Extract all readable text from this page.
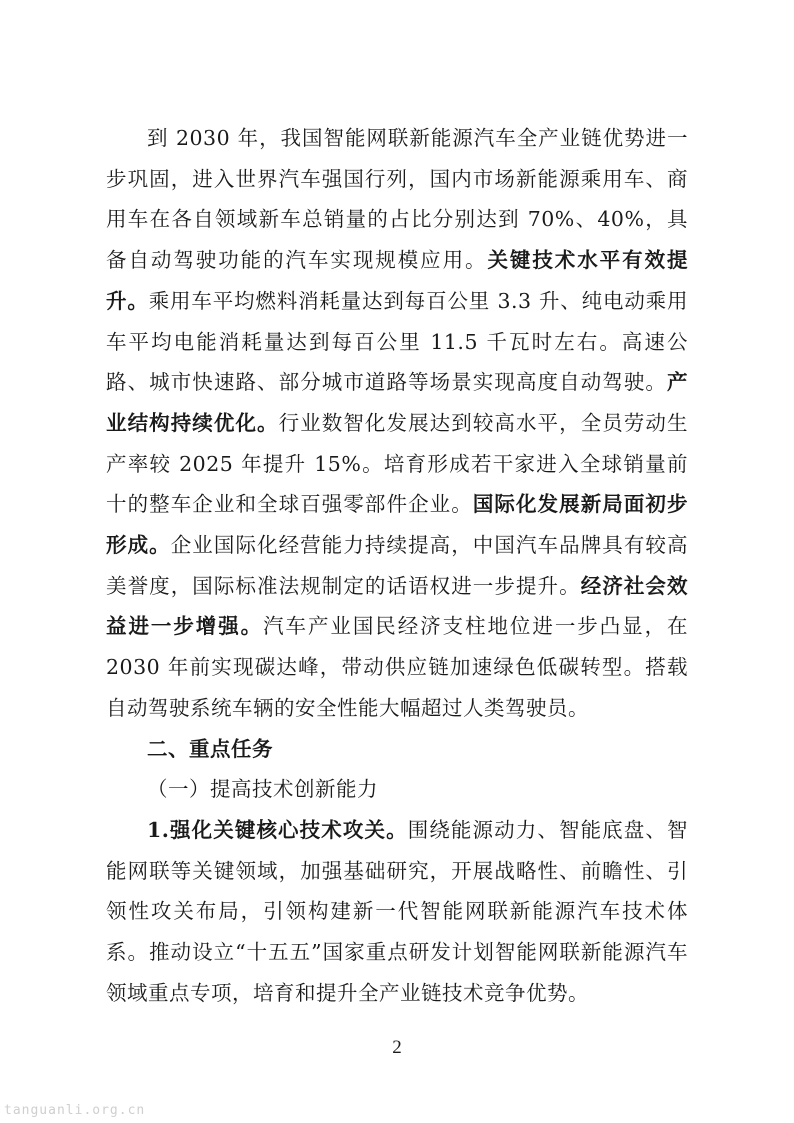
到 2030 年，我国智能网联新能源汽车全产业链优势进一步巩固，进入世界汽车强国行列，国内市场新能源乘用车、商用车在各自领域新车总销量的占比分别达到 70%、40%，具备自动驾驶功能的汽车实现规模应用。关键技术水平有效提升。乘用车平均燃料消耗量达到每百公里 3.3 升、纯电动乘用车平均电能消耗量达到每百公里 11.5 千瓦时左右。高速公路、城市快速路、部分城市道路等场景实现高度自动驾驶。产业结构持续优化。行业数智化发展达到较高水平，全员劳动生产率较 2025 年提升 15%。培育形成若干家进入全球销量前十的整车企业和全球百强零部件企业。国际化发展新局面初步形成。企业国际化经营能力持续提高，中国汽车品牌具有较高美誉度，国际标准法规制定的话语权进一步提升。经济社会效益进一步增强。汽车产业国民经济支柱地位进一步凸显，在 2030 年前实现碳达峰，带动供应链加速绿色低碳转型。搭载自动驾驶系统车辆的安全性能大幅超过人类驾驶员。

二、重点任务

（一）提高技术创新能力

1.强化关键核心技术攻关。围绕能源动力、智能底盘、智能网联等关键领域，加强基础研究，开展战略性、前瞻性、引领性攻关布局，引领构建新一代智能网联新能源汽车技术体系。推动设立“十五五”国家重点研发计划智能网联新能源汽车领域重点专项，培育和提升全产业链技术竞争优势。

2
tanguanli.org.cn
